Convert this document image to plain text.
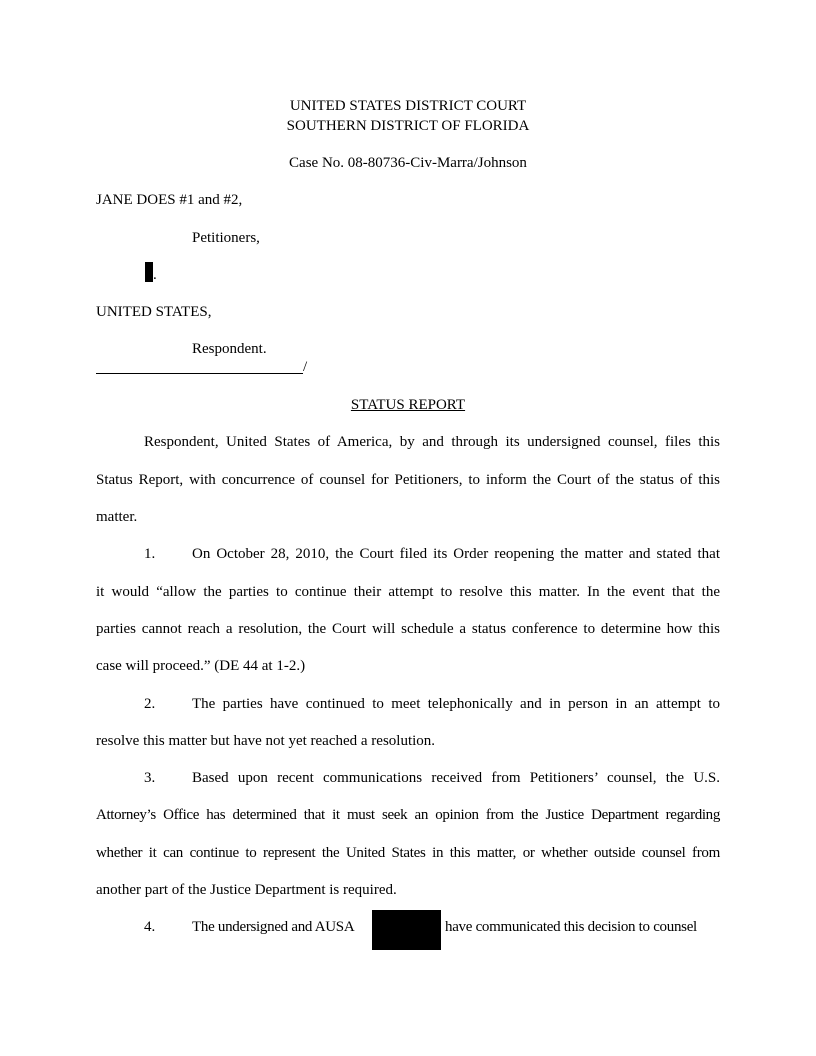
UNITED STATES DISTRICT COURT
SOUTHERN DISTRICT OF FLORIDA
Case No. 08-80736-Civ-Marra/Johnson
JANE DOES #1 and #2,
Petitioners,
.
UNITED STATES,
Respondent.
/
STATUS REPORT
Respondent, United States of America, by and through its undersigned counsel, files this
Status Report, with concurrence of counsel for Petitioners, to inform the Court of the status of this
matter.
1. On October 28, 2010, the Court filed its Order reopening the matter and stated that
it would “allow the parties to continue their attempt to resolve this matter. In the event that the
parties cannot reach a resolution, the Court will schedule a status conference to determine how this
case will proceed.” (DE 44 at 1-2.)
2. The parties have continued to meet telephonically and in person in an attempt to
resolve this matter but have not yet reached a resolution.
3. Based upon recent communications received from Petitioners’ counsel, the U.S.
Attorney’s Office has determined that it must seek an opinion from the Justice Department regarding
whether it can continue to represent the United States in this matter, or whether outside counsel from
another part of the Justice Department is required.
4. The undersigned and AUSA	have communicated this decision to counsel
